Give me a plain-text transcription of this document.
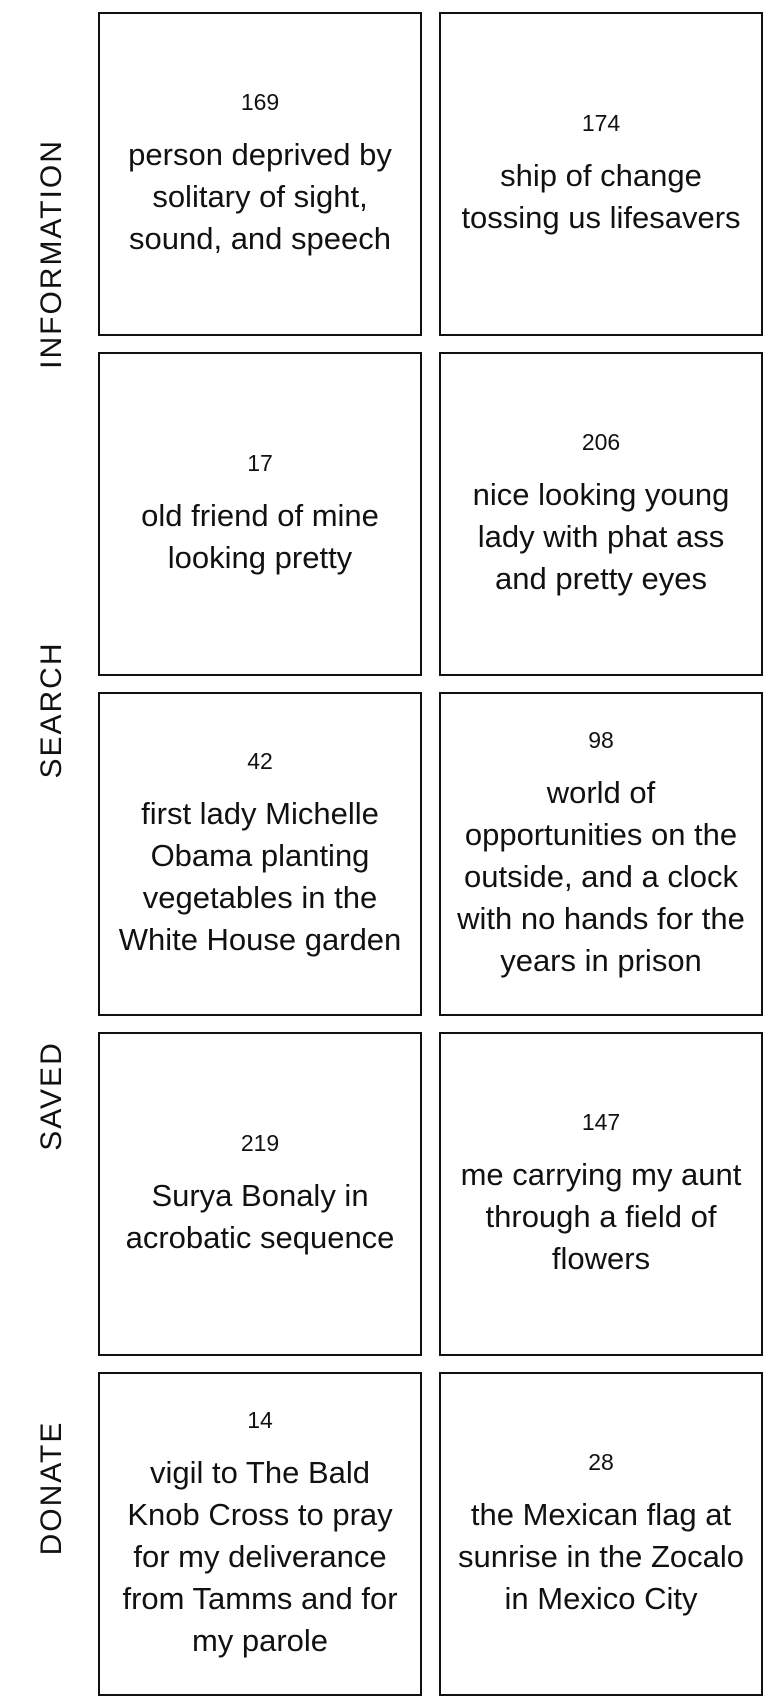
INFORMATION
SEARCH
SAVED
DONATE
169
person deprived by solitary of sight, sound, and speech
174
ship of change tossing us lifesavers
17
old friend of mine looking pretty
206
nice looking young lady with phat ass and pretty eyes
42
first lady Michelle Obama planting vegetables in the White House garden
98
world of opportunities on the outside, and a clock with no hands for the years in prison
219
Surya Bonaly in acrobatic sequence
147
me carrying my aunt through a field of flowers
14
vigil to The Bald Knob Cross to pray for my deliverance from Tamms and for my parole
28
the Mexican flag at sunrise in the Zocalo in Mexico City
